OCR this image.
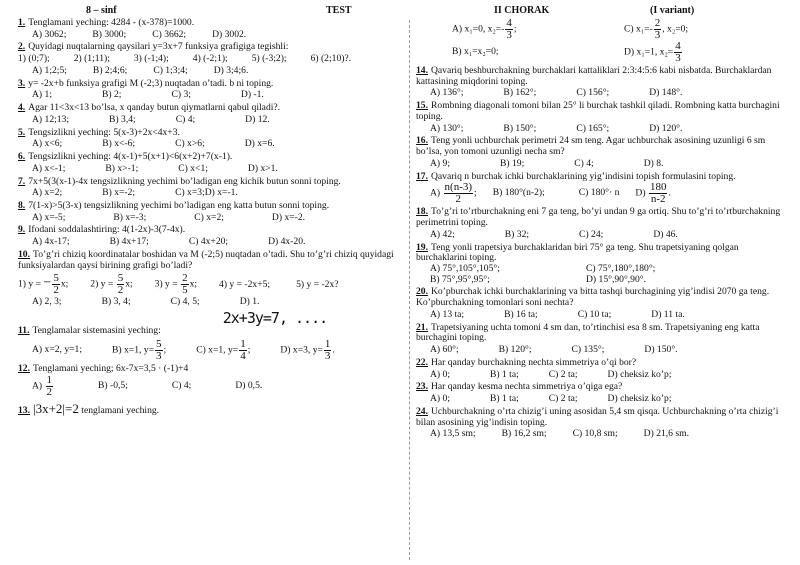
8 – sinf	TEST	II CHORAK	(I variant)
1. Tenglamani yeching: 4284 - (x-378)=1000.
A) 3062;	B) 3000;	C) 3662;	D) 3002.
2. Quyidagi nuqtalarning qaysilari y=3x+7 funksiya grafigiga tegishli:
1) (0;7);	2) (1;11);	3) (-1;4);	4) (-2;1);	5) (-3;2);	6) (2;10)?.
A) 1;2;5;	B) 2;4;6;	C) 1;3;4;	D) 3;4;6.
3. y= -2x+b funksiya grafigi M (-2;3) nuqtadan o’tadi. b ni toping.
A) 1;	B) 2;	C) 3;	D) -1.
4. Agar 11<3x<13 bo’lsa, x qanday butun qiymatlarni qabul qiladi?.
A) 12;13;	B) 3,4;	C) 4;	D) 12.
5. Tengsizlikni yeching: 5(x-3)+2x<4x+3.
A) x<6;	B) x<-6;	C) x>6;	D) x=6.
6. Tengsizlikni yeching: 4(x-1)+5(x+1)<6(x+2)+7(x-1).
A) x<-1;	B) x>-1;	C) x<1;	D) x>1.
7. 7x+5(3(x-1)-4x tengsizlikning yechimi bo’ladigan eng kichik butun sonni toping.
A) x=2;	B) x=-2;	C) x=3;D) x=-1.
8. 7(1-x)>5(3-x) tengsizlikning yechimi bo’ladigan eng katta butun sonni toping.
A) x=-5;	B) x=-3;	C) x=2;	D) x=-2.
9. Ifodani soddalashtiring: 4(1-2x)-3(7-4x).
A) 4x-17;	B) 4x+17;	C) 4x+20;	D) 4x-20.
10. To’g’ri chiziq koordinatalar boshidan va M (-2;5) nuqtadan o’tadi. Shu to’g’ri chiziq quyidagi funksiyalardan qaysi birining grafigi bo’ladi?
1) y = − $\frac{5}{2} x$; 2) $y = \frac{5}{2} x$; 3) $y = \frac{2}{5} x$; 4) y = -2x+5;	5) y = -2x?
A) 2, 3;	B) 3, 4;	C) 4, 5;	D) 1.
11. Tenglamalar sistemasini yeching:
2x+3y=7, ....
A) x=2, y=1;	B) x=1, $y= \frac{5}{3}$ ;	C) x=1, $y= \frac{1}{4}$ ;	D) x=3, $y= \frac{1}{3}$ .
12. Tenglamani yeching; 6x-7x=3,5 · (-1)+4
$A) \frac{1}{2}$	B) -0,5;	C) 4;	D) 0,5.
13. |3x+2|=2 tenglamani yeching.
A) x₁=0, $x_2=- \frac{4}{3}$ ;	C) $x_1=- \frac{2}{3}$ , x₂=0;
B) x₁=x₂=0;	D) x₁=1, $x_2= \frac{4}{3}$
14. Qavariq beshburchakning burchaklari kattaliklari 2:3:4:5:6 kabi nisbatda. Burchaklardan kattasining miqdorini toping.
A) 136°;	B) 162°;	C) 156°;	D) 148°.
15. Rombning diagonali tomoni bilan 25° li burchak tashkil qiladi. Rombning katta burchagini toping.
A) 130°;	B) 150°;	C) 165°;	D) 120°.
16. Teng yonli uchburchak perimetri 24 sm teng. Agar uchburchak asosining uzunligi 6 sm bo’lsa, yon tomoni uzunligi necha sm?
A) 9;	B) 19;	C) 4;	D) 8.
17. Qavariq n burchak ichki burchaklarining yig’indisini topish formulasini toping.
$A) \frac{n(n-3)}{2}$ ; B) 180°(n-2);	C) 180°· n $D) \frac{180}{n-2}$ .
18. To’g’ri to’rtburchakning eni 7 ga teng, bo’yi undan 9 ga ortiq. Shu to’g’ri to’rtburchakning perimetrini toping.
A) 42;	B) 32;	C) 24;	D) 46.
19. Teng yonli trapetsiya burchaklaridan biri 75° ga teng. Shu trapetsiyaning qolgan burchaklarini toping.
A) 75°,105°,105°;	C) 75°,180°,180°;
B) 75°,95°,95°;	D) 15°,90°,90°.
20. Ko’pburchak ichki burchaklarining va bitta tashqi burchagining yig’indisi 2070 ga teng. Ko’pburchakning tomonlari soni nechta?
A) 13 ta;	B) 16 ta;	C) 10 ta;	D) 11 ta.
21. Trapetsiyaning uchta tomoni 4 sm dan, to’rtinchisi esa 8 sm. Trapetsiyaning eng katta burchagini toping.
A) 60°;	B) 120°;	C) 135°;	D) 150°.
22. Har qanday burchakning nechta simmetriya o’qi bor?
A) 0;	B) 1 ta;	C) 2 ta;	D) cheksiz ko’p;
23. Har qanday kesma nechta simmetriya o’qiga ega?
A) 0;	B) 1 ta;	C) 2 ta;	D) cheksiz ko’p;
24. Uchburchakning o’rta chizig’i uning asosidan 5,4 sm qisqa. Uchburchakning o’rta chizig’i bilan asosining yig’indisin toping.
A) 13,5 sm;	B) 16,2 sm;	C) 10,8 sm;	D) 21,6 sm.
